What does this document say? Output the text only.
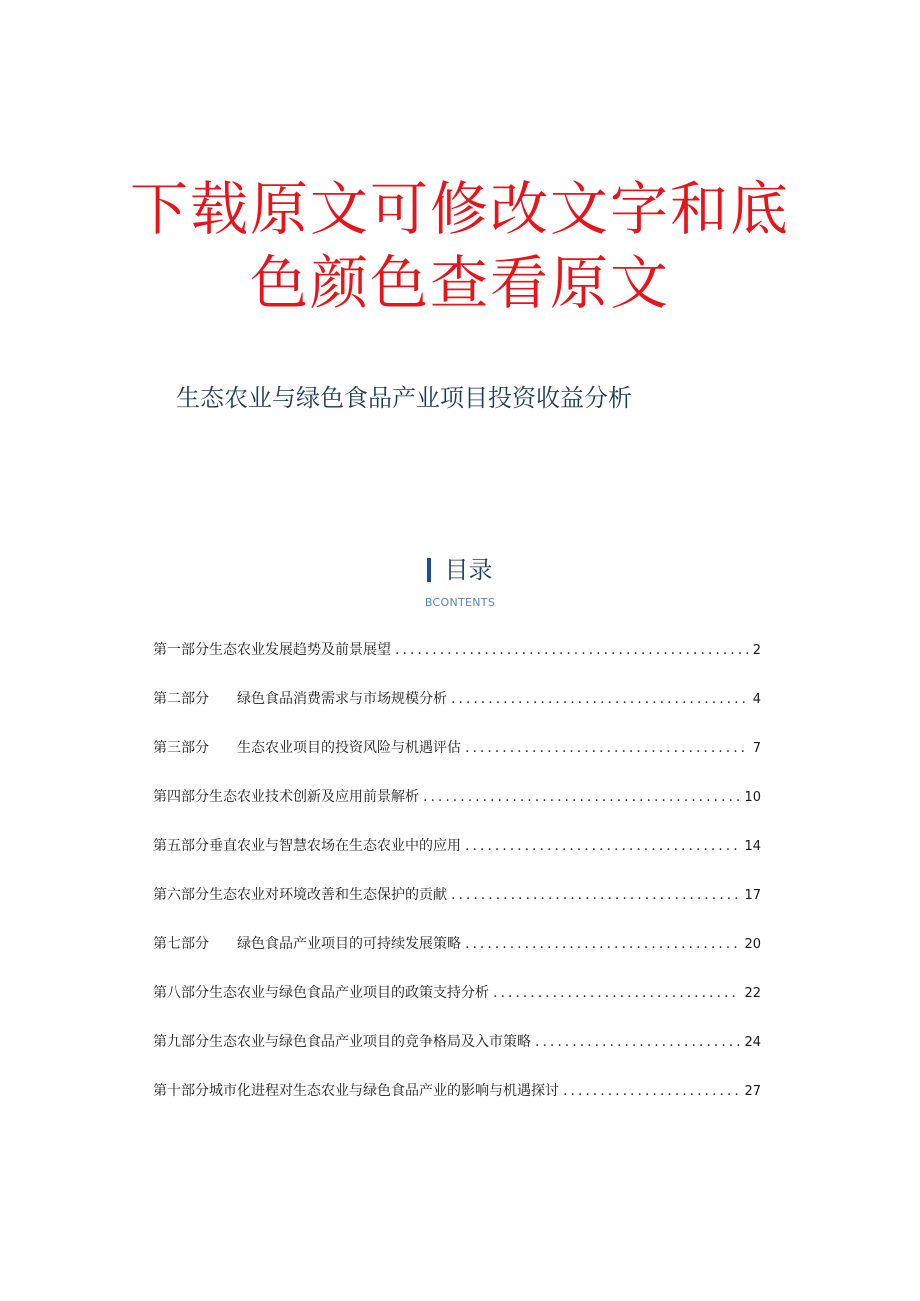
下载原文可修改文字和底
色颜色查看原文
生态农业与绿色食品产业项目投资收益分析
目录
BCONTENTS
第一部分生态农业发展趋势及前景展望 .....	2
第二部分　　绿色食品消费需求与市场规模分析 .....	4
第三部分　　生态农业项目的投资风险与机遇评估 .....	7
第四部分生态农业技术创新及应用前景解析 .....	10
第五部分垂直农业与智慧农场在生态农业中的应用 .....	14
第六部分生态农业对环境改善和生态保护的贡献 .....	17
第七部分　　绿色食品产业项目的可持续发展策略 .....	20
第八部分生态农业与绿色食品产业项目的政策支持分析 .....	22
第九部分生态农业与绿色食品产业项目的竞争格局及入市策略 .....	24
第十部分城市化进程对生态农业与绿色食品产业的影响与机遇探讨 .....	27
